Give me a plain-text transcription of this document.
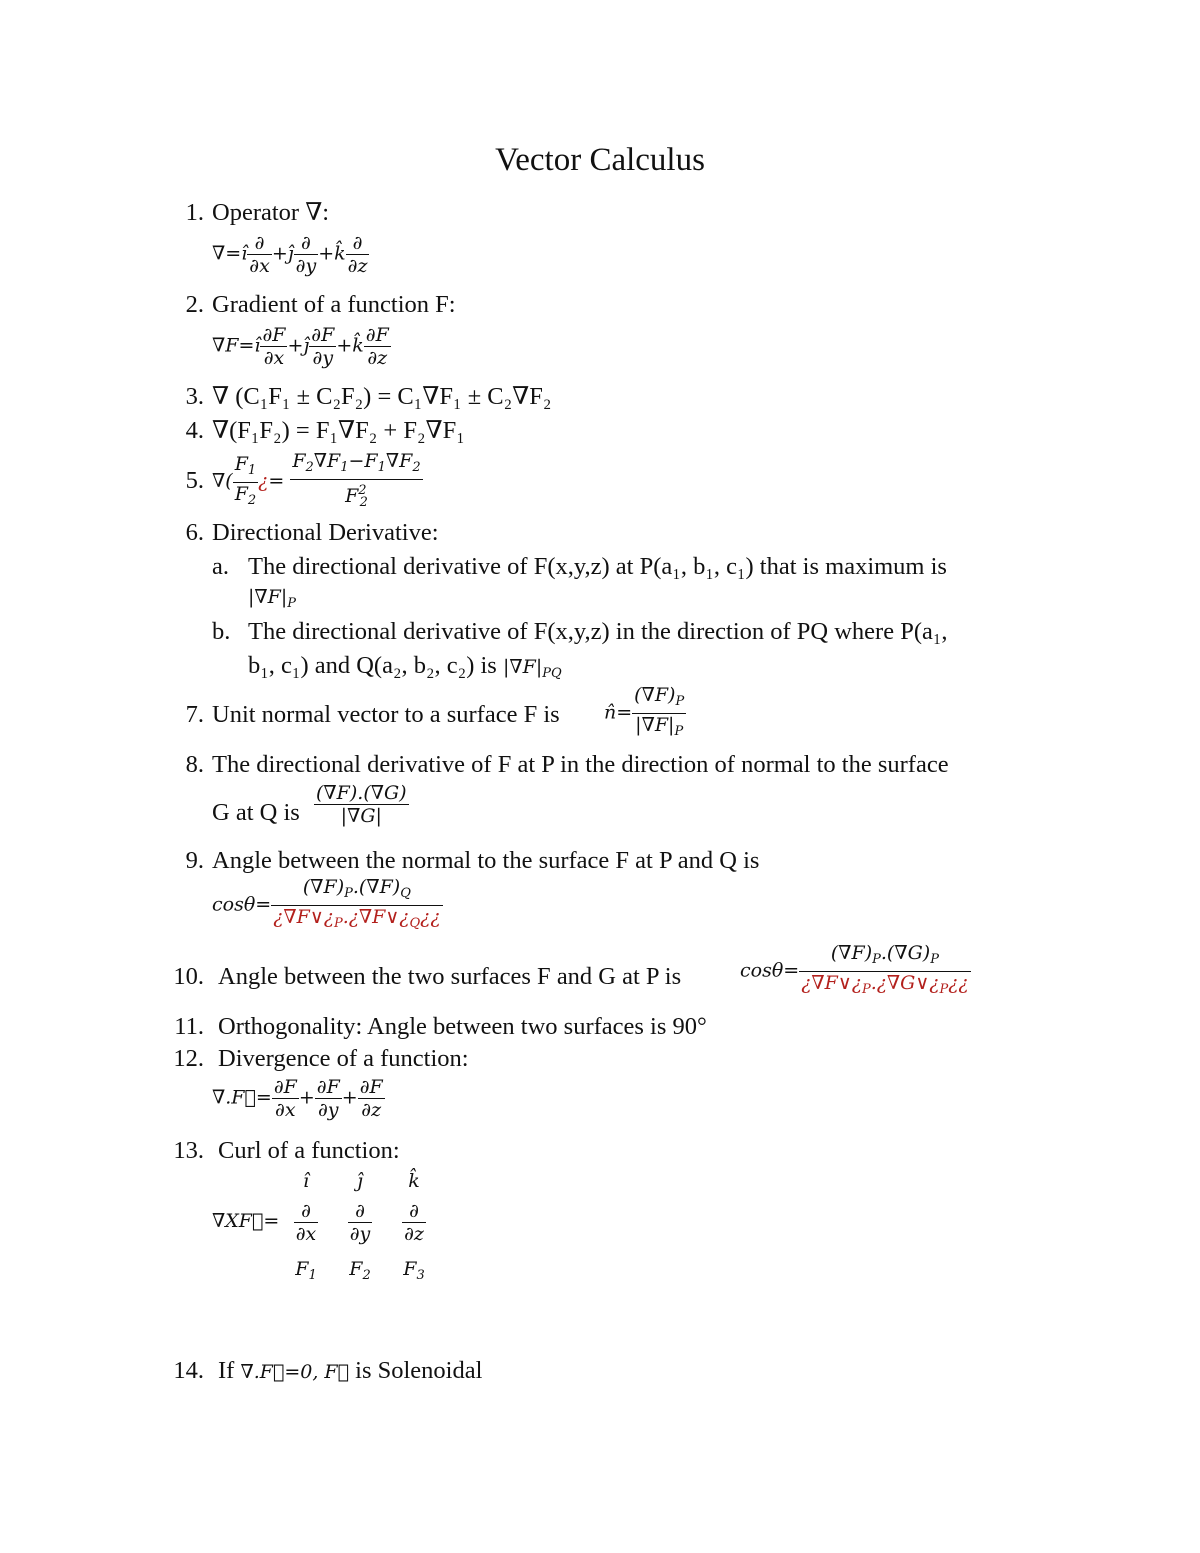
Vector Calculus
1. Operator ∇:
∇=î $\frac{\partial}{\partial x}$ +ĵ $\frac{\partial}{\partial y}$ +k̂ $\frac{\partial}{\partial z}$
2. Gradient of a function F:
∇F=î $\frac{\partial F}{\partial x}$ +ĵ $\frac{\partial F}{\partial y}$ +k̂ $\frac{\partial F}{\partial z}$
3. ∇ (C₁F₁ ± C₂F₂) = C₁∇F₁ ± C₂∇F₂
4. ∇(F₁F₂) = F₁∇F₂ + F₂∇F₁
5. ∇( $\frac{F_1}{F_2}$ ¿= $\frac{F_2\nabla F_1-F_1\nabla F_2}{F^2_2}$
6. Directional Derivative:
a. The directional derivative of F(x,y,z) at P(a₁, b₁, c₁) that is maximum is
$|\nabla F|_P$
b. The directional derivative of F(x,y,z) in the direction of PQ where P(a₁,
b₁, c₁) and Q(a₂, b₂, c₂) is $|\nabla F|_{PQ}$
7. Unit normal vector to a surface F is n̂= $\frac{(\nabla F)_P}{|\nabla F|_P}$
8. The directional derivative of F at P in the direction of normal to the surface
G at Q is $\frac{(\nabla F).(\nabla G)}{|\nabla G|}$
9. Angle between the normal to the surface F at P and Q is
$\cos\theta= \frac{(\nabla F)_P.(\nabla F)_Q}{¿\nabla F\vee¿_P.¿\nabla F\vee¿_Q¿¿}$
10. Angle between the two surfaces F and G at P is	$\cos\theta= \frac{(\nabla F)_P.(\nabla G)_P}{¿\nabla F\vee¿_P.¿\nabla G\vee¿_P¿¿}$
11. Orthogonality: Angle between two surfaces is 90°
12. Divergence of a function:
∇.F⃗= $\frac{\partial F}{\partial x} + \frac{\partial F}{\partial y} + \frac{\partial F}{\partial z}$
13. Curl of a function:
∇XF⃗=
î	ĵ	k̂
$\frac{\partial}{\partial x} \frac{\partial}{\partial y} \frac{\partial}{\partial z}$
$F_1$	$F_2$	$F_3$
14. If ∇.F⃗=0, F⃗ is Solenoidal
